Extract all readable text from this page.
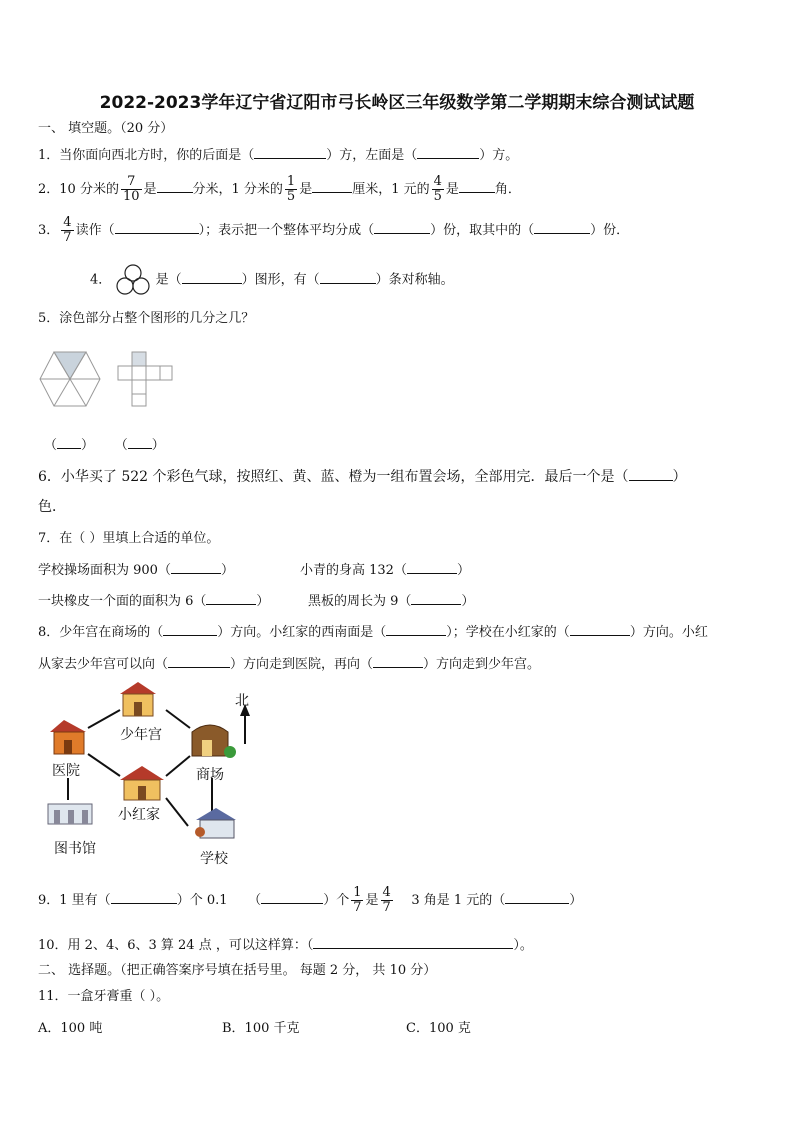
2022-2023学年辽宁省辽阳市弓长岭区三年级数学第二学期期末综合测试试题
一、 填空题。（20 分）
1．当你面向西北方时，你的后面是（	）方，左面是（	）方。
2．10 分米的 $\frac{7}{10}$ 是	分米，1 分米的 $\frac{1}{5}$ 是	厘米，1 元的 $\frac{4}{5}$ 是	角．
3． $\frac{4}{7}$ 读作（	）；表示把一个整体平均分成（	）份，取其中的（	）份．
4．	是（	）图形，有（	）条对称轴。
5．涂色部分占整个图形的几分之几？
（ ） （ ）
6．小华买了 522 个彩色气球，按照红、黄、蓝、橙为一组布置会场，全部用完．最后一个是（	）
色．
7．在（ ）里填上合适的单位。
学校操场面积为 900（	）	小青的身高 132（	）
一块橡皮一个面的面积为 6（	）	黑板的周长为 9（	）
8．少年宫在商场的（	）方向。小红家的西南面是（	）；学校在小红家的（	）方向。小红
从家去少年宫可以向（	）方向走到医院，再向（	）方向走到少年宫。
北
少年宫
医院	商场
小红家
图书馆
学校
9．1 里有（	）个 0.1 （	）个 $\frac{1}{7}$ 是 $\frac{4}{7} 3$ 角是 1 元的（	）
10．用 2、4、6、3 算 24 点 ，可以这样算：（	）。
二、 选择题。（把正确答案序号填在括号里。 每题 2 分， 共 10 分）
11．一盒牙膏重（ ）。
A．100 吨	B．100 千克	C．100 克
